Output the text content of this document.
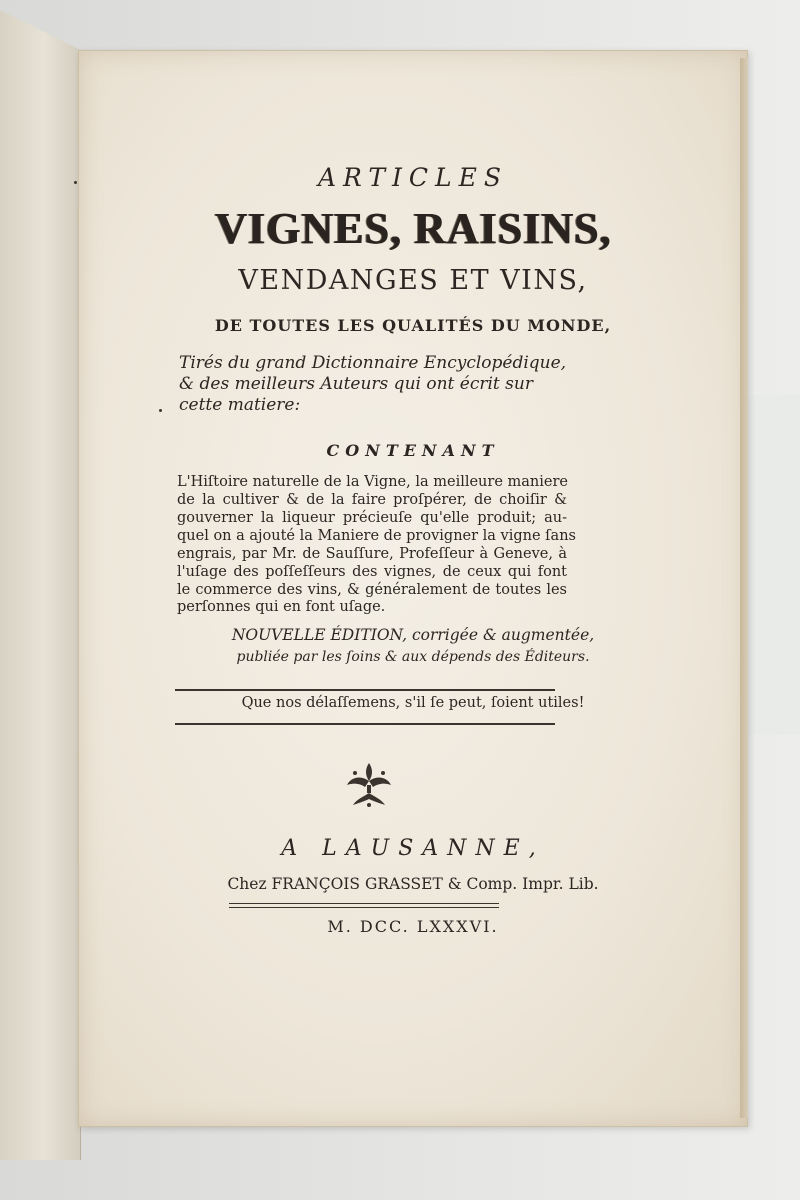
ARTICLES
VIGNES, RAISINS,
VENDANGES ET VINS,
DE TOUTES LES QUALITÉS DU MONDE,
Tirés du grand Dictionnaire Encyclopédique,
& des meilleurs Auteurs qui ont écrit sur
cette matiere:
CONTENANT
L'Hiſtoire naturelle de la Vigne, la meilleure maniere
de la cultiver & de la faire proſpérer, de choiſir &
gouverner la liqueur précieuſe qu'elle produit; au-
quel on a ajouté la Maniere de provigner la vigne ſans
engrais, par Mr. de Sauſſure, Profeſſeur à Geneve, à
l'uſage des poſſeſſeurs des vignes, de ceux qui font
le commerce des vins, & généralement de toutes les
perſonnes qui en font uſage.
NOUVELLE ÉDITION, corrigée & augmentée,
publiée par les ſoins & aux dépends des Éditeurs.
Que nos délaſſemens, s'il ſe peut, ſoient utiles!
A LAUSANNE,
Chez FRANÇOIS GRASSET & Comp. Impr. Lib.
M. DCC. LXXXVI.
